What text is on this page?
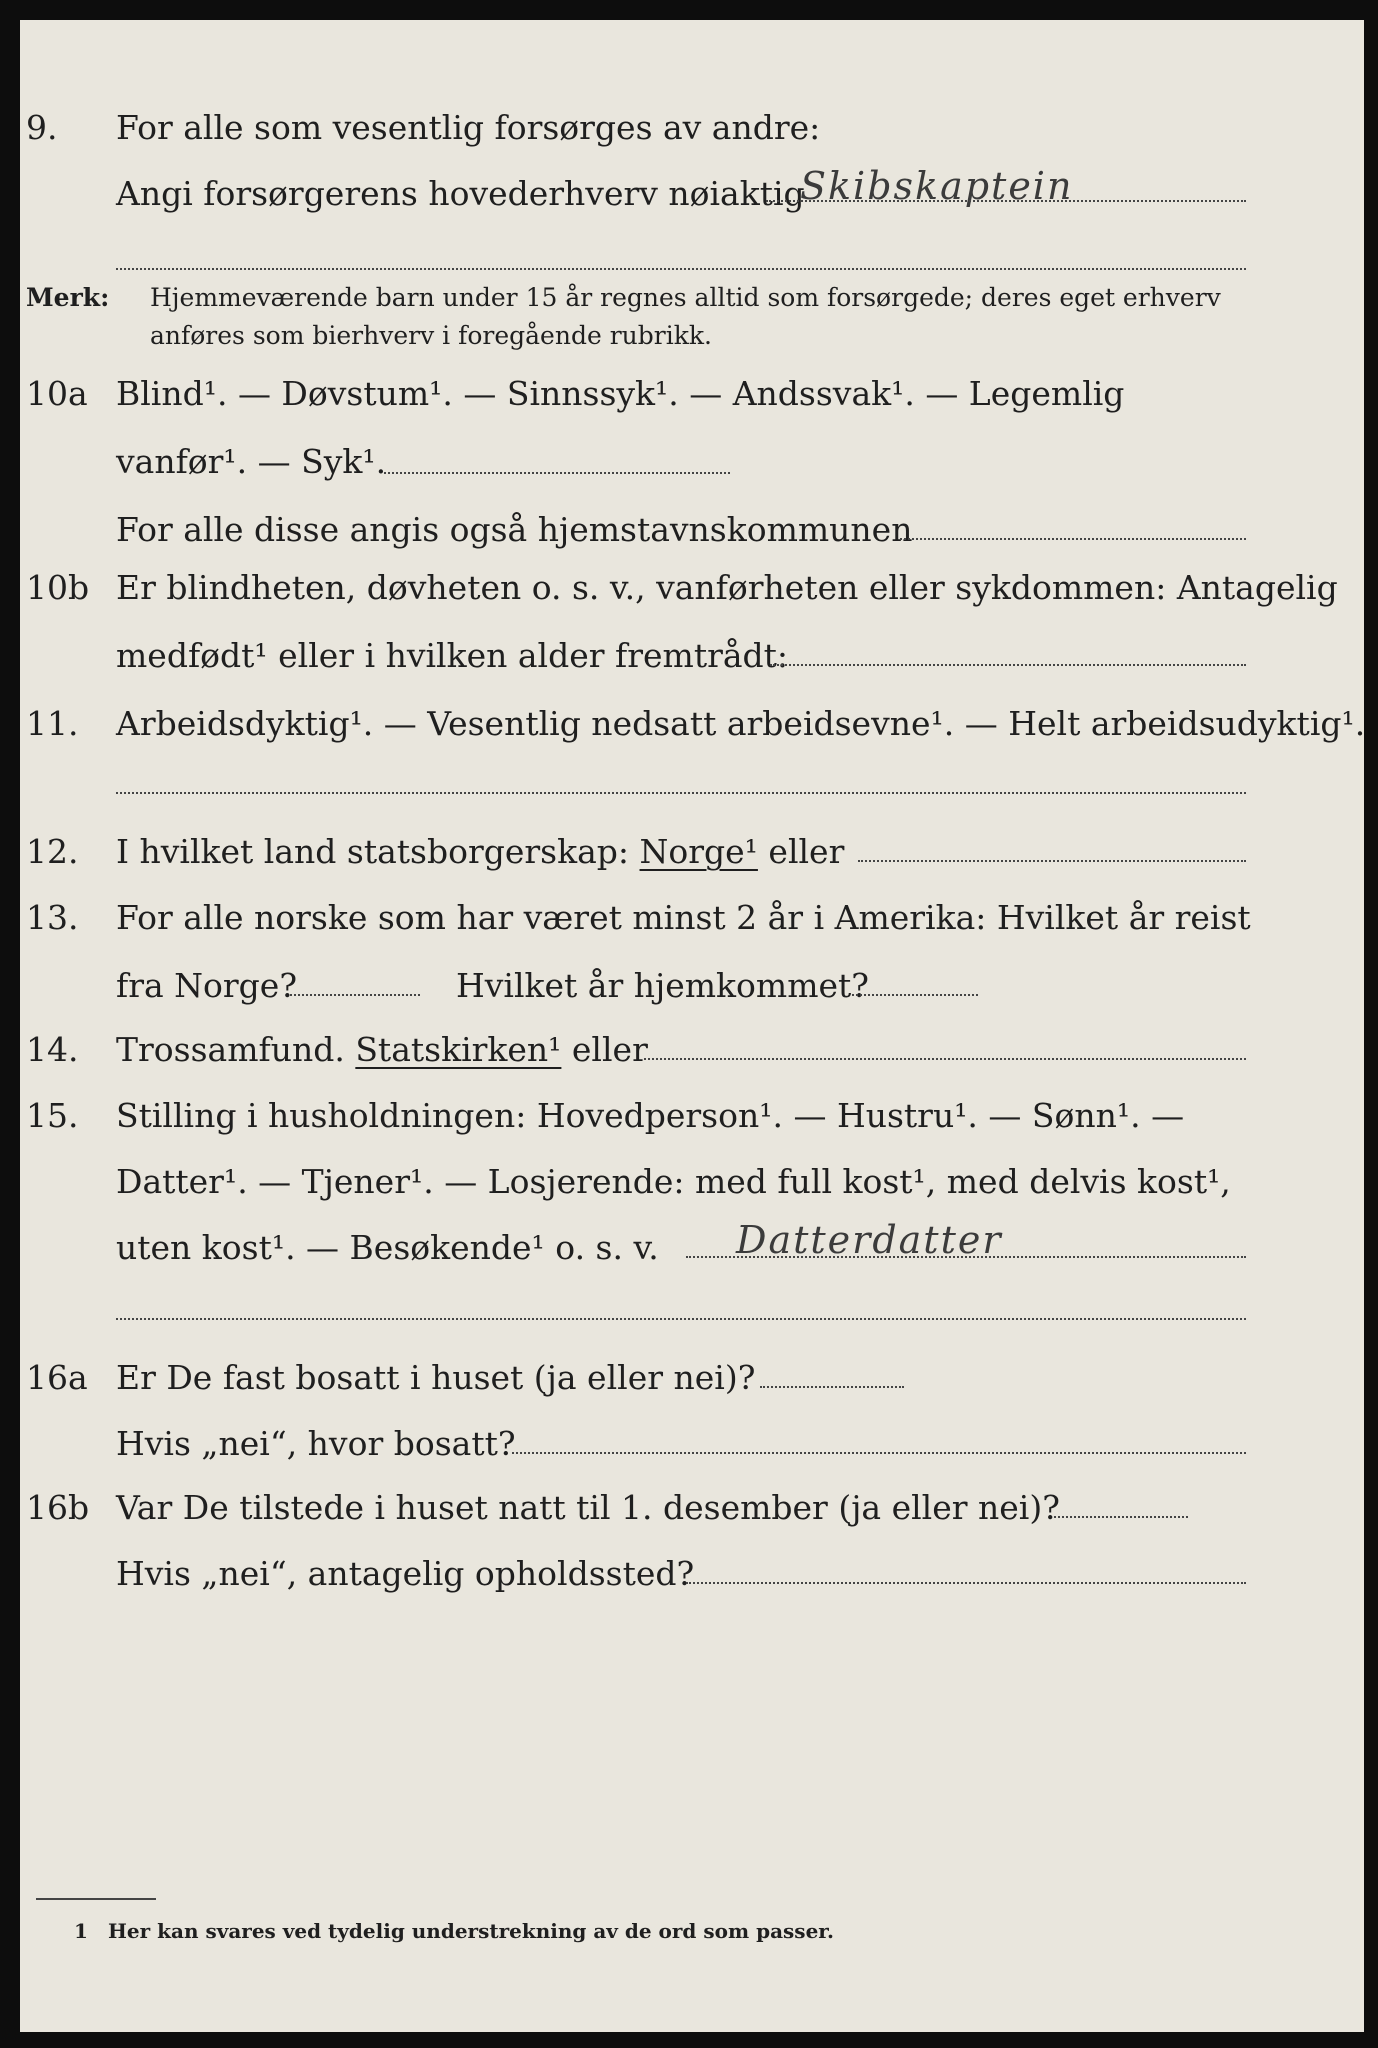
9. For alle som vesentlig forsørges av andre:
Angi forsørgerens hovederhverv nøiaktig
Skibskaptein
Merk: Hjemmeværende barn under 15 år regnes alltid som forsørgede; deres eget erhverv
anføres som bierhverv i foregående rubrikk.
10a Blind¹. — Døvstum¹. — Sinnssyk¹. — Andssvak¹. — Legemlig
vanfør¹. — Syk¹.
For alle disse angis også hjemstavnskommunen
10b Er blindheten, døvheten o. s. v., vanførheten eller sykdommen: Antagelig
medfødt¹ eller i hvilken alder fremtrådt:
11. Arbeidsdyktig¹. — Vesentlig nedsatt arbeidsevne¹. — Helt arbeidsudyktig¹.
12. I hvilket land statsborgerskap: Norge¹ eller
13. For alle norske som har været minst 2 år i Amerika: Hvilket år reist
fra Norge?	Hvilket år hjemkommet?
14. Trossamfund. Statskirken¹ eller
15. Stilling i husholdningen: Hovedperson¹. — Hustru¹. — Sønn¹. —
Datter¹. — Tjener¹. — Losjerende: med full kost¹, med delvis kost¹,
uten kost¹. — Besøkende¹ o. s. v. Datterdatter
16a Er De fast bosatt i huset (ja eller nei)?
Hvis „nei“, hvor bosatt?
16b Var De tilstede i huset natt til 1. desember (ja eller nei)?
Hvis „nei“, antagelig opholdssted?
1 Her kan svares ved tydelig understrekning av de ord som passer.
